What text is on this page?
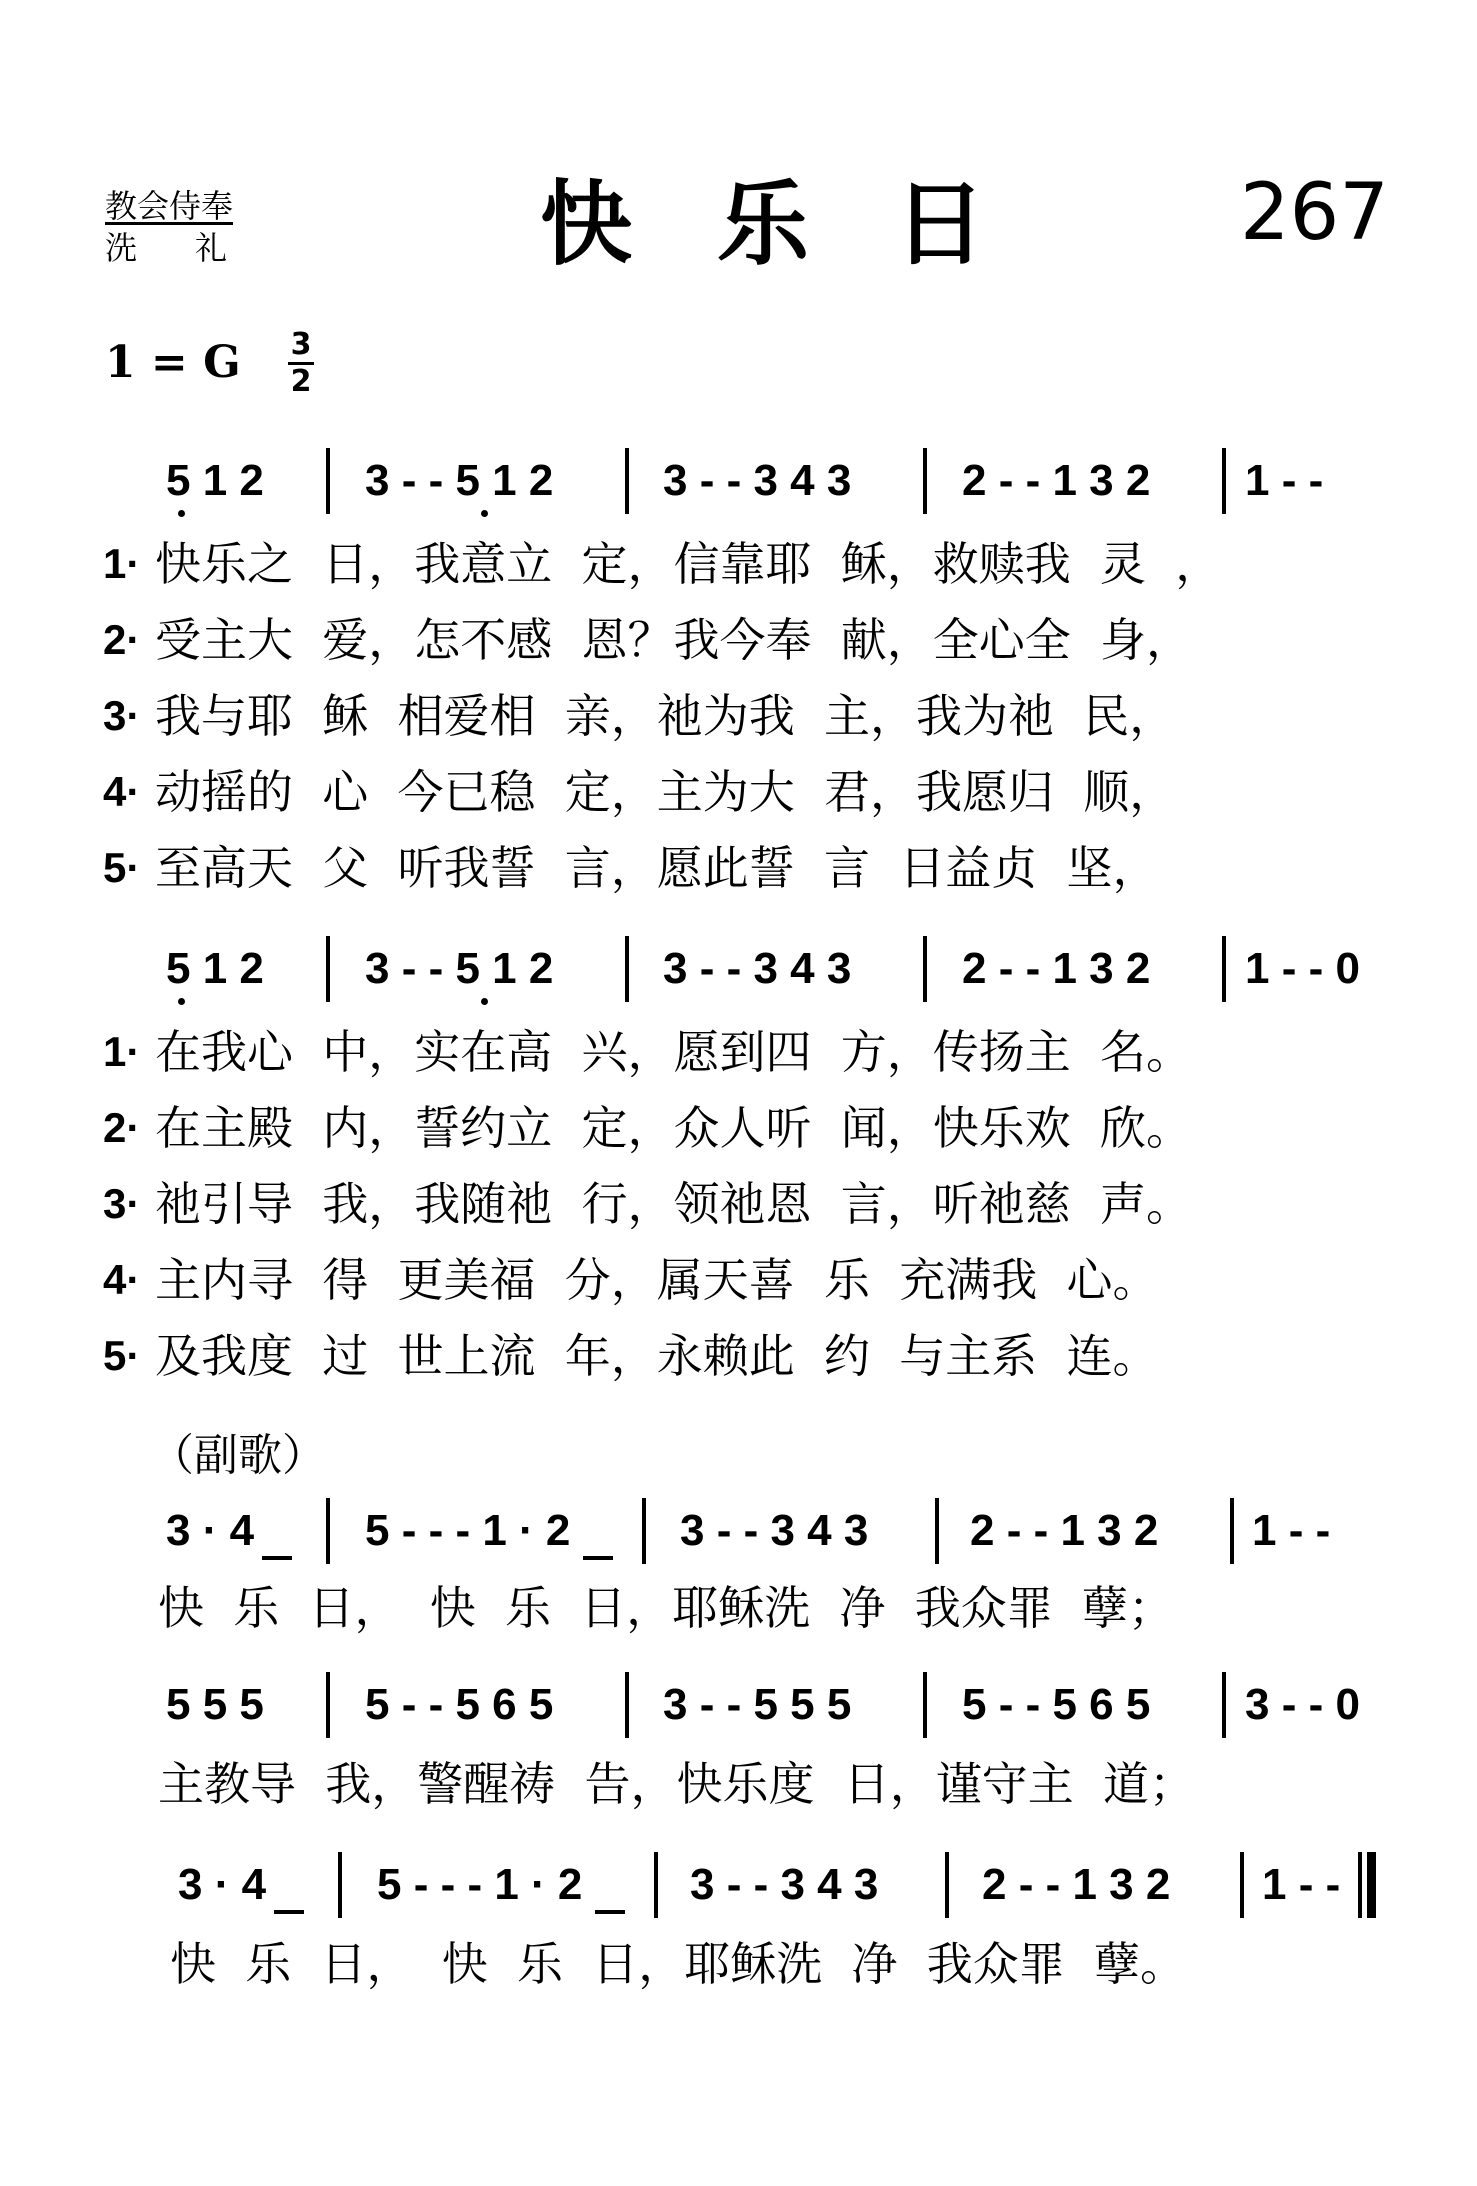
教会侍奉
洗礼	快乐日 267
1 = G 3
2
5 1 2 3 - - 5 1 2 3 - - 3 4 3	2 - - 1 3 2 1 - -
1· 快乐之  日，我意立  定，信靠耶  稣，救赎我  灵  ，
2· 受主大  爱，怎不感  恩？我今奉  献，全心全  身，
3· 我与耶  稣  相爱相  亲，祂为我  主，我为祂  民，
4· 动摇的  心  今已稳  定，主为大  君，我愿归  顺，
5· 至高天  父  听我誓  言，愿此誓  言  日益贞  坚，
5 1 2 3 - - 5 1 2 3 - - 3 4 3	2 - - 1 3 2 1 - - 0
1· 在我心  中，实在高  兴，愿到四  方，传扬主  名。
2· 在主殿  内，誓约立  定，众人听  闻，快乐欢  欣。
3· 祂引导  我，我随祂  行，领祂恩  言，听祂慈  声。
4· 主内寻  得  更美福  分，属天喜  乐  充满我  心。
5· 及我度  过  世上流  年，永赖此  约  与主系  连。
（副歌）
3 · 4	5 - - - 1 · 2 3 - - 3 4 3 2 - - 1 3 2 1 - -
快  乐  日，  快  乐  日，耶稣洗  净  我众罪  孽；
5 5 5 5 - - 5 6 5 3 - - 5 5 5	5 - - 5 6 5 3 - - 0
主教导  我，警醒祷  告，快乐度  日，谨守主  道；
3 · 4	5 - - - 1 · 2 3 - - 3 4 3 2 - - 1 3 2 1 - -
快  乐  日，  快  乐  日，耶稣洗  净  我众罪  孽。
